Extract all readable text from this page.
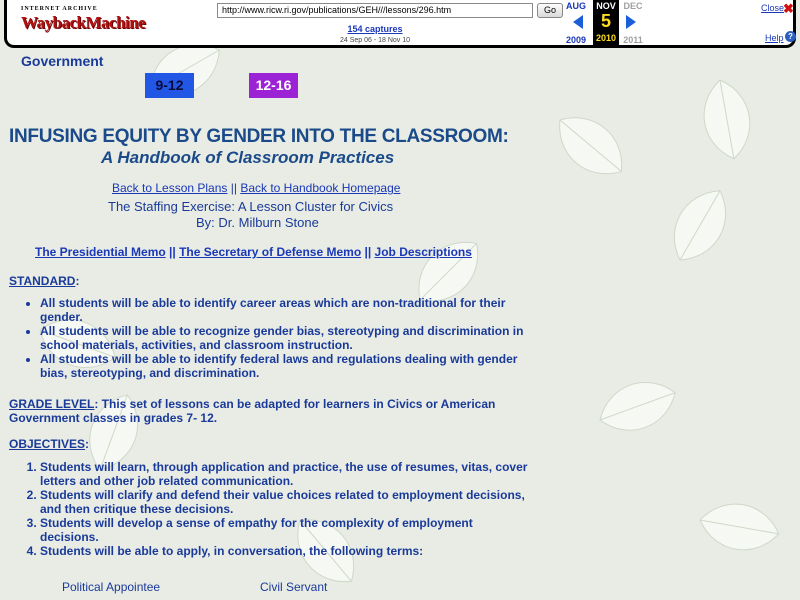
INTERNET ARCHIVE
WaybackMachine
http://www.ricw.ri.gov/publications/GEH///lessons/296.htm	Go
154 captures
24 Sep 06 - 18 Nov 10
AUG
2009
NOV
5
2010
DEC
2011
Close
✖
Help ?
Government
9-12	12-16
INFUSING EQUITY BY GENDER INTO THE CLASSROOM:
A Handbook of Classroom Practices
Back to Lesson Plans || Back to Handbook Homepage
The Staffing Exercise: A Lesson Cluster for Civics
By: Dr. Milburn Stone
The Presidential Memo || The Secretary of Defense Memo || Job Descriptions
STANDARD:
• All students will be able to identify career areas which are non-traditional for their gender.
• All students will be able to recognize gender bias, stereotyping and discrimination in school materials, activities, and classroom instruction.
• All students will be able to identify federal laws and regulations dealing with gender bias, stereotyping, and discrimination.
GRADE LEVEL: This set of lessons can be adapted for learners in Civics or American Government classes in grades 7- 12.
OBJECTIVES:
1. Students will learn, through application and practice, the use of resumes, vitas, cover letters and other job related communication.
2. Students will clarify and defend their value choices related to employment decisions, and then critique these decisions.
3. Students will develop a sense of empathy for the complexity of employment decisions.
4. Students will be able to apply, in conversation, the following terms:
Political Appointee	Civil Servant
